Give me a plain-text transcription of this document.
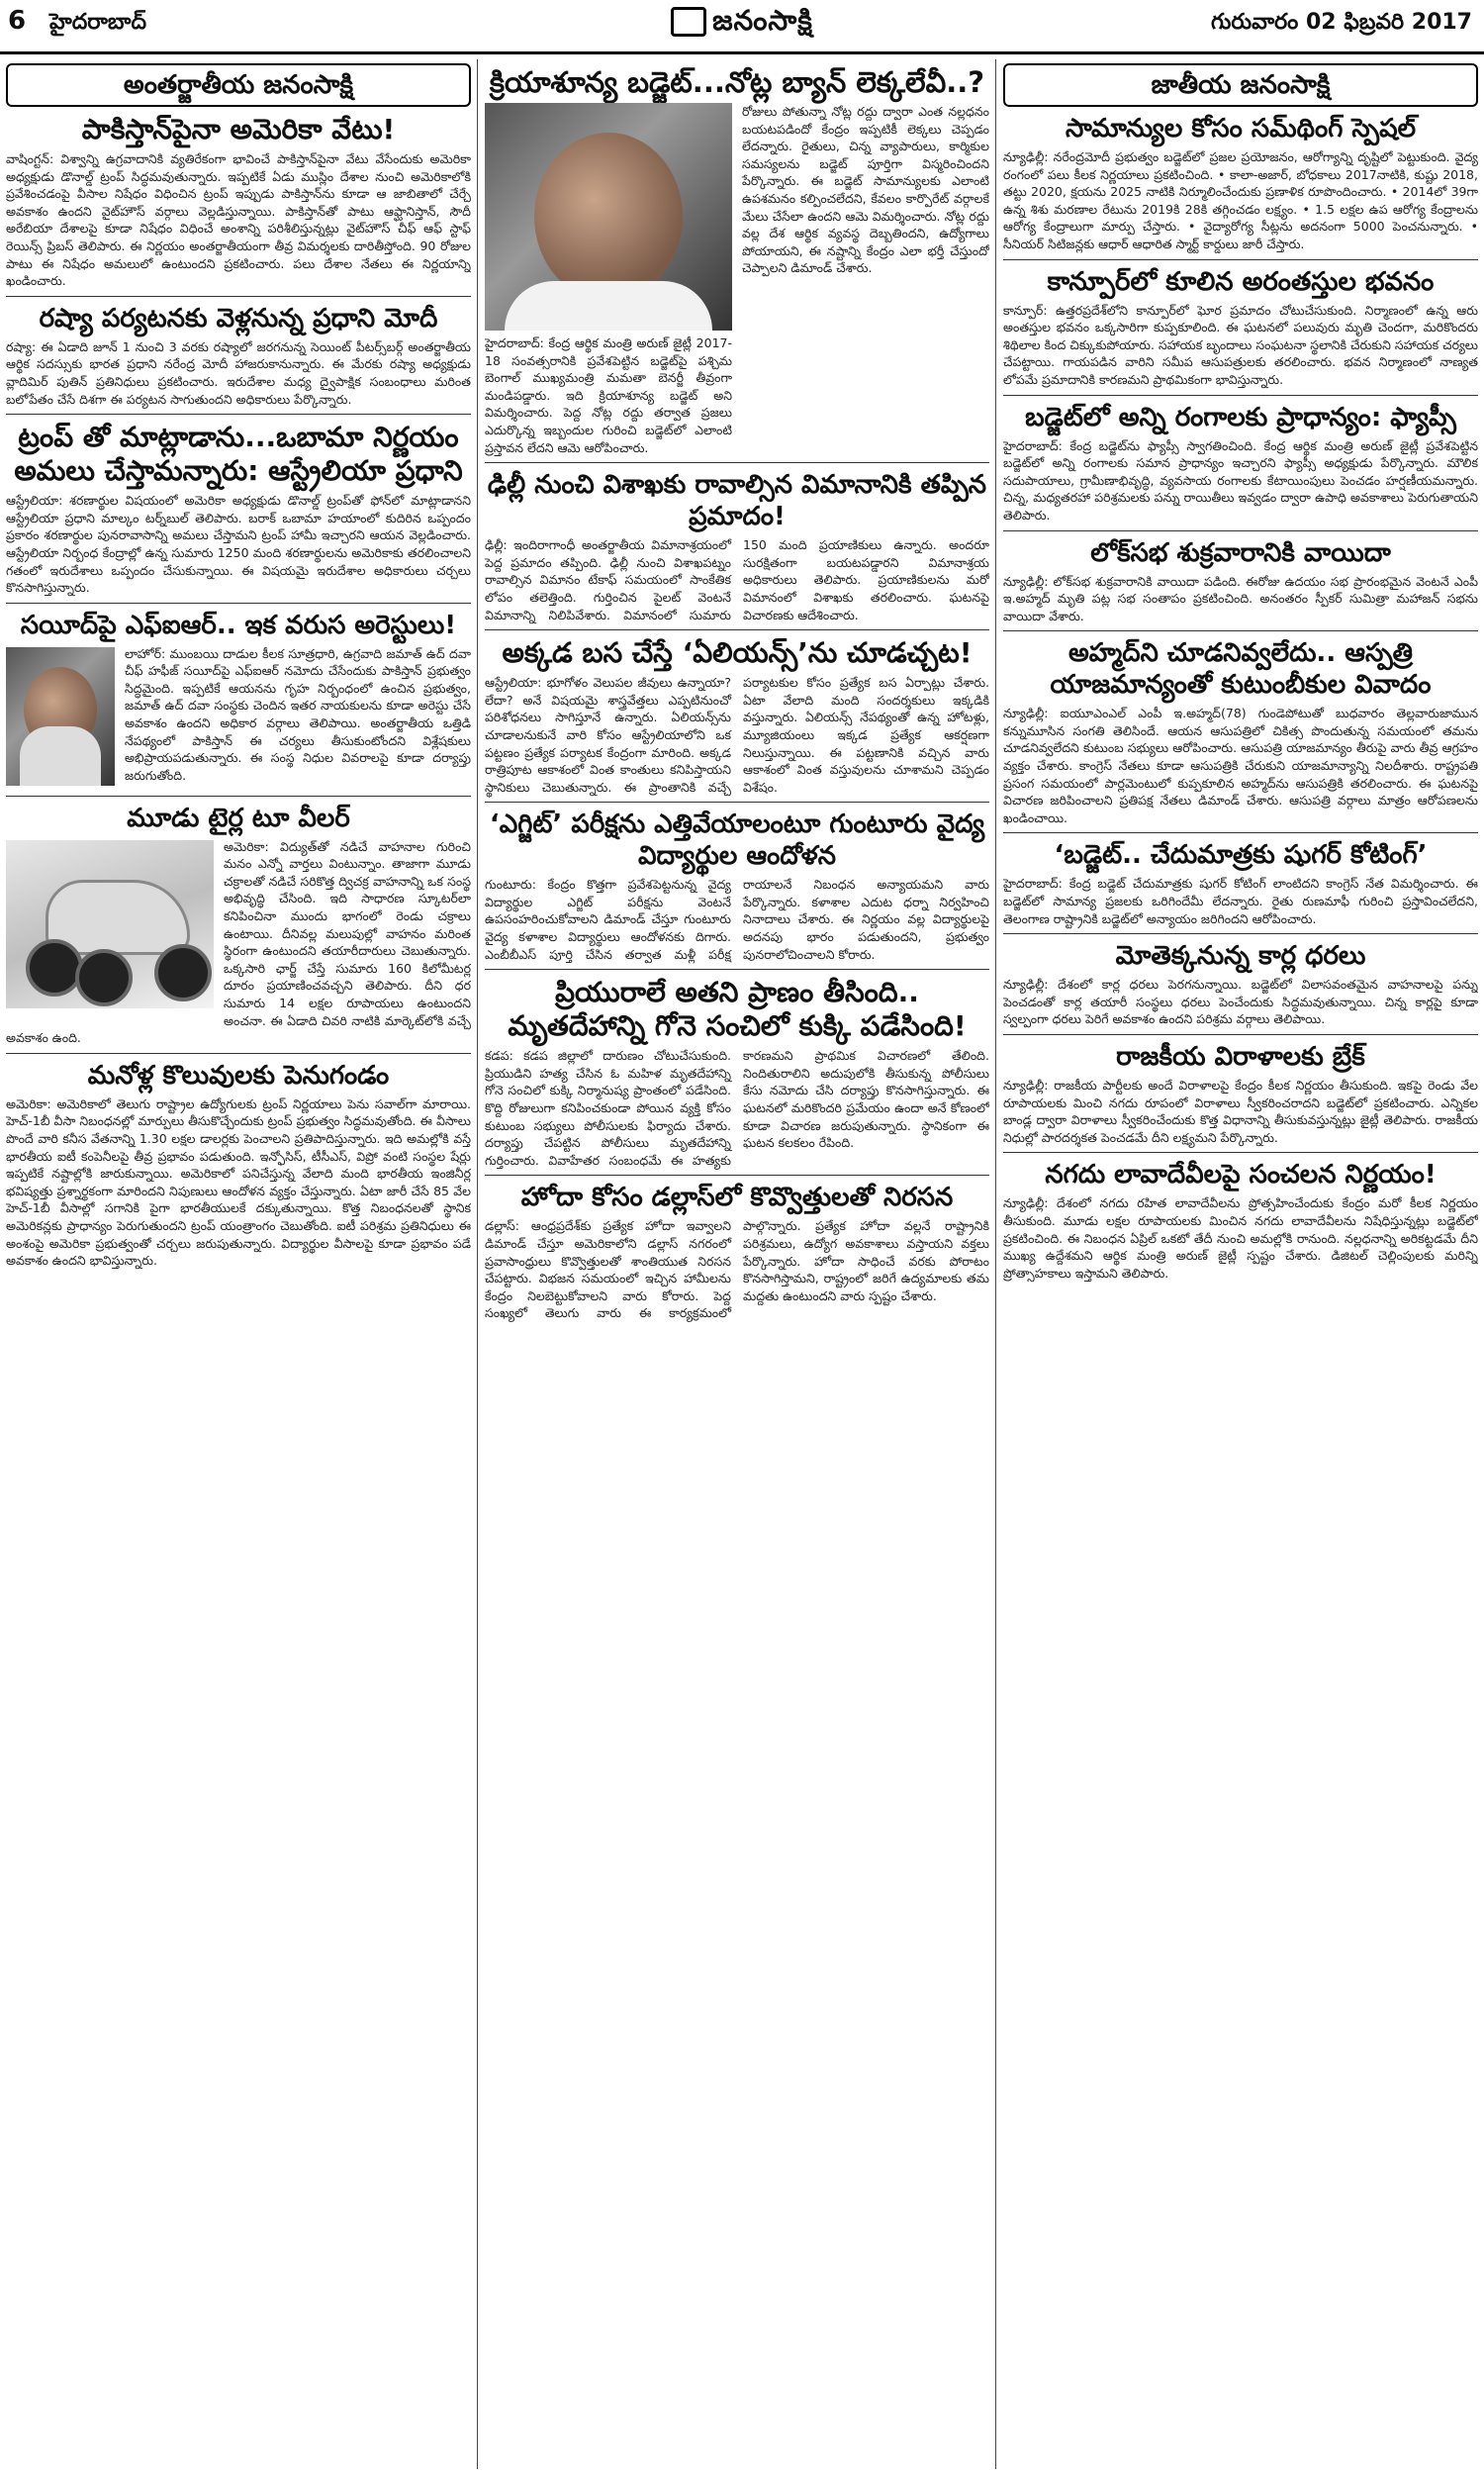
6 హైదరాబాద్	జనంసాక్షి	గురువారం 02 ఫిబ్రవరి 2017
అంతర్జాతీయ జనంసాక్షి
పాకిస్తాన్‌పైనా అమెరికా వేటు!
వాషింగ్టన్‌: విశ్వాన్ని ఉగ్రవాదానికి వ్యతిరేకంగా భావించే పాకిస్తాన్‌పైనా వేటు వేసేందుకు అమెరికా అధ్యక్షుడు డొనాల్డ్‌ ట్రంప్‌ సిద్ధమవుతున్నారు. ఇప్పటికే ఏడు ముస్లిం దేశాల నుంచి అమెరికాలోకి ప్రవేశించడంపై వీసాల నిషేధం విధించిన ట్రంప్‌ ఇప్పుడు పాకిస్తాన్‌ను కూడా ఆ జాబితాలో చేర్చే అవకాశం ఉందని వైట్‌హౌస్‌ వర్గాలు వెల్లడిస్తున్నాయి. పాకిస్తాన్‌తో పాటు ఆఫ్ఘానిస్తాన్‌, సౌదీ అరేబియా దేశాలపై కూడా నిషేధం విధించే అంశాన్ని పరిశీలిస్తున్నట్లు వైట్‌హౌస్‌ చీఫ్‌ ఆఫ్‌ స్టాఫ్‌ రెయిన్స్‌ ప్రిబస్‌ తెలిపారు. ఈ నిర్ణయం అంతర్జాతీయంగా తీవ్ర విమర్శలకు దారితీస్తోంది. 90 రోజుల పాటు ఈ నిషేధం అమలులో ఉంటుందని ప్రకటించారు. పలు దేశాల నేతలు ఈ నిర్ణయాన్ని ఖండించారు.
రష్యా పర్యటనకు వెళ్లనున్న ప్రధాని మోదీ
రష్యా: ఈ ఏడాది జూన్‌ 1 నుంచి 3 వరకు రష్యాలో జరగనున్న సెయింట్‌ పీటర్స్‌బర్గ్‌ అంతర్జాతీయ ఆర్థిక సదస్సుకు భారత ప్రధాని నరేంద్ర మోదీ హాజరుకానున్నారు. ఈ మేరకు రష్యా అధ్యక్షుడు వ్లాదిమిర్‌ పుతిన్‌ ప్రతినిధులు ప్రకటించారు. ఇరుదేశాల మధ్య ద్వైపాక్షిక సంబంధాలు మరింత బలోపేతం చేసే దిశగా ఈ పర్యటన సాగుతుందని అధికారులు పేర్కొన్నారు.
ట్రంప్‌ తో మాట్లాడాను...ఒబామా నిర్ణయం అమలు చేస్తామన్నారు: ఆస్ట్రేలియా ప్రధాని
ఆస్ట్రేలియా: శరణార్థుల విషయంలో అమెరికా అధ్యక్షుడు డొనాల్డ్‌ ట్రంప్‌తో ఫోన్‌లో మాట్లాడానని ఆస్ట్రేలియా ప్రధాని మాల్కం టర్న్‌బుల్‌ తెలిపారు. బరాక్‌ ఒబామా హయాంలో కుదిరిన ఒప్పందం ప్రకారం శరణార్థుల పునరావాసాన్ని అమలు చేస్తామని ట్రంప్‌ హామీ ఇచ్చారని ఆయన వెల్లడించారు. ఆస్ట్రేలియా నిర్బంధ కేంద్రాల్లో ఉన్న సుమారు 1250 మంది శరణార్థులను అమెరికాకు తరలించాలని గతంలో ఇరుదేశాలు ఒప్పందం చేసుకున్నాయి. ఈ విషయమై ఇరుదేశాల అధికారులు చర్చలు కొనసాగిస్తున్నారు.
సయీద్‌పై ఎఫ్‌ఐఆర్‌.. ఇక వరుస అరెస్టులు!
లాహోర్‌: ముంబయి దాడుల కీలక సూత్రధారి, ఉగ్రవాది జమాత్‌ ఉద్‌ దవా చీఫ్‌ హఫీజ్‌ సయీద్‌పై ఎఫ్‌ఐఆర్‌ నమోదు చేసేందుకు పాకిస్తాన్‌ ప్రభుత్వం సిద్ధమైంది. ఇప్పటికే ఆయనను గృహ నిర్బంధంలో ఉంచిన ప్రభుత్వం, జమాత్‌ ఉద్‌ దవా సంస్థకు చెందిన ఇతర నాయకులను కూడా అరెస్టు చేసే అవకాశం ఉందని అధికార వర్గాలు తెలిపాయి. అంతర్జాతీయ ఒత్తిడి నేపథ్యంలో పాకిస్తాన్‌ ఈ చర్యలు తీసుకుంటోందని విశ్లేషకులు అభిప్రాయపడుతున్నారు. ఈ సంస్థ నిధుల వివరాలపై కూడా దర్యాప్తు జరుగుతోంది.
మూడు టైర్ల టూ వీలర్‌
అమెరికా: విద్యుత్‌తో నడిచే వాహనాల గురించి మనం ఎన్నో వార్తలు వింటున్నాం. తాజాగా మూడు చక్రాలతో నడిచే సరికొత్త ద్విచక్ర వాహనాన్ని ఒక సంస్థ అభివృద్ధి చేసింది. ఇది సాధారణ స్కూటర్‌లా కనిపించినా ముందు భాగంలో రెండు చక్రాలు ఉంటాయి. దీనివల్ల మలుపుల్లో వాహనం మరింత స్థిరంగా ఉంటుందని తయారీదారులు చెబుతున్నారు. ఒక్కసారి ఛార్జ్‌ చేస్తే సుమారు 160 కిలోమీటర్ల దూరం ప్రయాణించవచ్చని తెలిపారు. దీని ధర సుమారు 14 లక్షల రూపాయలు ఉంటుందని అంచనా. ఈ ఏడాది చివరి నాటికి మార్కెట్‌లోకి వచ్చే అవకాశం ఉంది.
మనోళ్ల కొలువులకు పెనుగండం
అమెరికా: అమెరికాలో తెలుగు రాష్ట్రాల ఉద్యోగులకు ట్రంప్‌ నిర్ణయాలు పెను సవాల్‌గా మారాయి. హెచ్‌-1బీ వీసా నిబంధనల్లో మార్పులు తీసుకొచ్చేందుకు ట్రంప్‌ ప్రభుత్వం సిద్ధమవుతోంది. ఈ వీసాలు పొందే వారి కనీస వేతనాన్ని 1.30 లక్షల డాలర్లకు పెంచాలని ప్రతిపాదిస్తున్నారు. ఇది అమల్లోకి వస్తే భారతీయ ఐటీ కంపెనీలపై తీవ్ర ప్రభావం పడుతుంది. ఇన్ఫోసిస్‌, టీసీఎస్‌, విప్రో వంటి సంస్థల షేర్లు ఇప్పటికే నష్టాల్లోకి జారుకున్నాయి. అమెరికాలో పనిచేస్తున్న వేలాది మంది భారతీయ ఇంజినీర్ల భవిష్యత్తు ప్రశ్నార్థకంగా మారిందని నిపుణులు ఆందోళన వ్యక్తం చేస్తున్నారు. ఏటా జారీ చేసే 85 వేల హెచ్‌-1బీ వీసాల్లో సగానికి పైగా భారతీయులకే దక్కుతున్నాయి. కొత్త నిబంధనలతో స్థానిక అమెరికన్లకు ప్రాధాన్యం పెరుగుతుందని ట్రంప్‌ యంత్రాంగం చెబుతోంది. ఐటీ పరిశ్రమ ప్రతినిధులు ఈ అంశంపై అమెరికా ప్రభుత్వంతో చర్చలు జరుపుతున్నారు. విద్యార్థుల వీసాలపై కూడా ప్రభావం పడే అవకాశం ఉందని భావిస్తున్నారు.
క్రియాశూన్య బడ్జెట్‌...నోట్ల బ్యాన్‌ లెక్కలేవీ..?
హైదరాబాద్‌: కేంద్ర ఆర్థిక మంత్రి అరుణ్‌ జైట్లీ 2017-18 సంవత్సరానికి ప్రవేశపెట్టిన బడ్జెట్‌పై పశ్చిమ బెంగాల్‌ ముఖ్యమంత్రి మమతా బెనర్జీ తీవ్రంగా మండిపడ్డారు. ఇది క్రియాశూన్య బడ్జెట్‌ అని విమర్శించారు. పెద్ద నోట్ల రద్దు తర్వాత ప్రజలు ఎదుర్కొన్న ఇబ్బందుల గురించి బడ్జెట్‌లో ఎలాంటి ప్రస్తావన లేదని ఆమె ఆరోపించారు.
రోజులు పోతున్నా నోట్ల రద్దు ద్వారా ఎంత నల్లధనం బయటపడిందో కేంద్రం ఇప్పటికీ లెక్కలు చెప్పడం లేదన్నారు. రైతులు, చిన్న వ్యాపారులు, కార్మికుల సమస్యలను బడ్జెట్‌ పూర్తిగా విస్మరించిందని పేర్కొన్నారు. ఈ బడ్జెట్‌ సామాన్యులకు ఎలాంటి ఉపశమనం కల్పించలేదని, కేవలం కార్పొరేట్‌ వర్గాలకే మేలు చేసేలా ఉందని ఆమె విమర్శించారు. నోట్ల రద్దు వల్ల దేశ ఆర్థిక వ్యవస్థ దెబ్బతిందని, ఉద్యోగాలు పోయాయని, ఈ నష్టాన్ని కేంద్రం ఎలా భర్తీ చేస్తుందో చెప్పాలని డిమాండ్‌ చేశారు.
ఢిల్లీ నుంచి విశాఖకు రావాల్సిన విమానానికి తప్పిన ప్రమాదం!
ఢిల్లీ: ఇందిరాగాంధీ అంతర్జాతీయ విమానాశ్రయంలో పెద్ద ప్రమాదం తప్పింది. ఢిల్లీ నుంచి విశాఖపట్నం రావాల్సిన విమానం టేకాఫ్‌ సమయంలో సాంకేతిక లోపం తలెత్తింది. గుర్తించిన పైలట్‌ వెంటనే విమానాన్ని నిలిపివేశారు. విమానంలో సుమారు 150 మంది ప్రయాణికులు ఉన్నారు. అందరూ సురక్షితంగా బయటపడ్డారని విమానాశ్రయ అధికారులు తెలిపారు. ప్రయాణికులను మరో విమానంలో విశాఖకు తరలించారు. ఘటనపై విచారణకు ఆదేశించారు.
అక్కడ బస చేస్తే ‘ఏలియన్స్‌’ను చూడచ్చట!
ఆస్ట్రేలియా: భూగోళం వెలుపల జీవులు ఉన్నాయా? లేదా? అనే విషయమై శాస్త్రవేత్తలు ఎప్పటినుంచో పరిశోధనలు సాగిస్తూనే ఉన్నారు. ఏలియన్స్‌ను చూడాలనుకునే వారి కోసం ఆస్ట్రేలియాలోని ఒక పట్టణం ప్రత్యేక పర్యాటక కేంద్రంగా మారింది. అక్కడ రాత్రిపూట ఆకాశంలో వింత కాంతులు కనిపిస్తాయని స్థానికులు చెబుతున్నారు. ఈ ప్రాంతానికి వచ్చే పర్యాటకుల కోసం ప్రత్యేక బస ఏర్పాట్లు చేశారు. ఏటా వేలాది మంది సందర్శకులు ఇక్కడికి వస్తున్నారు. ఏలియన్స్‌ నేపథ్యంతో ఉన్న హోటళ్లు, మ్యూజియంలు ఇక్కడ ప్రత్యేక ఆకర్షణగా నిలుస్తున్నాయి. ఈ పట్టణానికి వచ్చిన వారు ఆకాశంలో వింత వస్తువులను చూశామని చెప్పడం విశేషం.
‘ఎగ్జిట్‌’ పరీక్షను ఎత్తివేయాలంటూ గుంటూరు వైద్య విద్యార్థుల ఆందోళన
గుంటూరు: కేంద్రం కొత్తగా ప్రవేశపెట్టనున్న వైద్య విద్యార్థుల ఎగ్జిట్‌ పరీక్షను వెంటనే ఉపసంహరించుకోవాలని డిమాండ్‌ చేస్తూ గుంటూరు వైద్య కళాశాల విద్యార్థులు ఆందోళనకు దిగారు. ఎంబీబీఎస్‌ పూర్తి చేసిన తర్వాత మళ్లీ పరీక్ష రాయాలనే నిబంధన అన్యాయమని వారు పేర్కొన్నారు. కళాశాల ఎదుట ధర్నా నిర్వహించి నినాదాలు చేశారు. ఈ నిర్ణయం వల్ల విద్యార్థులపై అదనపు భారం పడుతుందని, ప్రభుత్వం పునరాలోచించాలని కోరారు.
ప్రియురాలే అతని ప్రాణం తీసింది.. మృతదేహాన్ని గోనె సంచిలో కుక్కి పడేసింది!
కడప: కడప జిల్లాలో దారుణం చోటుచేసుకుంది. ప్రియుడిని హత్య చేసిన ఓ మహిళ మృతదేహాన్ని గోనె సంచిలో కుక్కి నిర్మానుష్య ప్రాంతంలో పడేసింది. కొద్ది రోజులుగా కనిపించకుండా పోయిన వ్యక్తి కోసం కుటుంబ సభ్యులు పోలీసులకు ఫిర్యాదు చేశారు. దర్యాప్తు చేపట్టిన పోలీసులు మృతదేహాన్ని గుర్తించారు. వివాహేతర సంబంధమే ఈ హత్యకు కారణమని ప్రాథమిక విచారణలో తేలింది. నిందితురాలిని అదుపులోకి తీసుకున్న పోలీసులు కేసు నమోదు చేసి దర్యాప్తు కొనసాగిస్తున్నారు. ఈ ఘటనలో మరికొందరి ప్రమేయం ఉందా అనే కోణంలో కూడా విచారణ జరుపుతున్నారు. స్థానికంగా ఈ ఘటన కలకలం రేపింది.
హోదా కోసం డల్లాస్‌లో కొవ్వొత్తులతో నిరసన
డల్లాస్‌: ఆంధ్రప్రదేశ్‌కు ప్రత్యేక హోదా ఇవ్వాలని డిమాండ్‌ చేస్తూ అమెరికాలోని డల్లాస్‌ నగరంలో ప్రవాసాంధ్రులు కొవ్వొత్తులతో శాంతియుత నిరసన చేపట్టారు. విభజన సమయంలో ఇచ్చిన హామీలను కేంద్రం నిలబెట్టుకోవాలని వారు కోరారు. పెద్ద సంఖ్యలో తెలుగు వారు ఈ కార్యక్రమంలో పాల్గొన్నారు. ప్రత్యేక హోదా వల్లనే రాష్ట్రానికి పరిశ్రమలు, ఉద్యోగ అవకాశాలు వస్తాయని వక్తలు పేర్కొన్నారు. హోదా సాధించే వరకు పోరాటం కొనసాగిస్తామని, రాష్ట్రంలో జరిగే ఉద్యమాలకు తమ మద్దతు ఉంటుందని వారు స్పష్టం చేశారు.
జాతీయ జనంసాక్షి
సామాన్యుల కోసం సమ్‌థింగ్‌ స్పెషల్‌
న్యూఢిల్లీ: నరేంద్రమోదీ ప్రభుత్వం బడ్జెట్‌లో ప్రజల ప్రయోజనం, ఆరోగ్యాన్ని దృష్టిలో పెట్టుకుంది. వైద్య రంగంలో పలు కీలక నిర్ణయాలు ప్రకటించింది. • కాలా-అజార్‌, బోధకాలు 2017నాటికి, కుష్టు 2018, తట్టు 2020, క్షయను 2025 నాటికి నిర్మూలించేందుకు ప్రణాళిక రూపొందించారు. • 2014లో 39గా ఉన్న శిశు మరణాల రేటును 2019కి 28కి తగ్గించడం లక్ష్యం. • 1.5 లక్షల ఉప ఆరోగ్య కేంద్రాలను ఆరోగ్య కేంద్రాలుగా మార్పు చేస్తారు. • వైద్యారోగ్య సీట్లను అదనంగా 5000 పెంచనున్నారు. • సీనియర్‌ సిటిజన్లకు ఆధార్‌ ఆధారిత స్మార్ట్‌ కార్డులు జారీ చేస్తారు.
కాన్పూర్‌లో కూలిన అరంతస్తుల భవనం
కాన్పూర్‌: ఉత్తరప్రదేశ్‌లోని కాన్పూర్‌లో ఘోర ప్రమాదం చోటుచేసుకుంది. నిర్మాణంలో ఉన్న ఆరు అంతస్తుల భవనం ఒక్కసారిగా కుప్పకూలింది. ఈ ఘటనలో పలువురు మృతి చెందగా, మరికొందరు శిథిలాల కింద చిక్కుకుపోయారు. సహాయక బృందాలు సంఘటనా స్థలానికి చేరుకుని సహాయక చర్యలు చేపట్టాయి. గాయపడిన వారిని సమీప ఆసుపత్రులకు తరలించారు. భవన నిర్మాణంలో నాణ్యత లోపమే ప్రమాదానికి కారణమని ప్రాథమికంగా భావిస్తున్నారు.
బడ్జెట్‌లో అన్ని రంగాలకు ప్రాధాన్యం: ఫ్యాప్సీ
హైదరాబాద్‌: కేంద్ర బడ్జెట్‌ను ఫ్యాప్సీ స్వాగతించింది. కేంద్ర ఆర్థిక మంత్రి అరుణ్‌ జైట్లీ ప్రవేశపెట్టిన బడ్జెట్‌లో అన్ని రంగాలకు సమాన ప్రాధాన్యం ఇచ్చారని ఫ్యాప్సీ అధ్యక్షుడు పేర్కొన్నారు. మౌలిక సదుపాయాలు, గ్రామీణాభివృద్ధి, వ్యవసాయ రంగాలకు కేటాయింపులు పెంచడం హర్షణీయమన్నారు. చిన్న, మధ్యతరహా పరిశ్రమలకు పన్ను రాయితీలు ఇవ్వడం ద్వారా ఉపాధి అవకాశాలు పెరుగుతాయని తెలిపారు.
లోక్‌సభ శుక్రవారానికి వాయిదా
న్యూఢిల్లీ: లోక్‌సభ శుక్రవారానికి వాయిదా పడింది. ఈరోజు ఉదయం సభ ప్రారంభమైన వెంటనే ఎంపీ ఇ.అహ్మద్‌ మృతి పట్ల సభ సంతాపం ప్రకటించింది. అనంతరం స్పీకర్‌ సుమిత్రా మహాజన్‌ సభను వాయిదా వేశారు.
అహ్మద్‌ని చూడనివ్వలేదు.. ఆస్పత్రి యాజమాన్యంతో కుటుంబీకుల వివాదం
న్యూఢిల్లీ: ఐయూఎంఎల్‌ ఎంపీ ఇ.అహ్మద్‌(78) గుండెపోటుతో బుధవారం తెల్లవారుజామున కన్నుమూసిన సంగతి తెలిసిందే. ఆయన ఆసుపత్రిలో చికిత్స పొందుతున్న సమయంలో తమను చూడనివ్వలేదని కుటుంబ సభ్యులు ఆరోపించారు. ఆసుపత్రి యాజమాన్యం తీరుపై వారు తీవ్ర ఆగ్రహం వ్యక్తం చేశారు. కాంగ్రెస్‌ నేతలు కూడా ఆసుపత్రికి చేరుకుని యాజమాన్యాన్ని నిలదీశారు. రాష్ట్రపతి ప్రసంగ సమయంలో పార్లమెంటులో కుప్పకూలిన అహ్మద్‌ను ఆసుపత్రికి తరలించారు. ఈ ఘటనపై విచారణ జరిపించాలని ప్రతిపక్ష నేతలు డిమాండ్‌ చేశారు. ఆసుపత్రి వర్గాలు మాత్రం ఆరోపణలను ఖండించాయి.
‘బడ్జెట్‌.. చేదుమాత్రకు షుగర్‌ కోటింగ్‌’
హైదరాబాద్‌: కేంద్ర బడ్జెట్‌ చేదుమాత్రకు షుగర్‌ కోటింగ్‌ లాంటిదని కాంగ్రెస్‌ నేత విమర్శించారు. ఈ బడ్జెట్‌లో సామాన్య ప్రజలకు ఒరిగిందేమీ లేదన్నారు. రైతు రుణమాఫీ గురించి ప్రస్తావించలేదని, తెలంగాణ రాష్ట్రానికి బడ్జెట్‌లో అన్యాయం జరిగిందని ఆరోపించారు.
మోతెక్కనున్న కార్ల ధరలు
న్యూఢిల్లీ: దేశంలో కార్ల ధరలు పెరగనున్నాయి. బడ్జెట్‌లో విలాసవంతమైన వాహనాలపై పన్ను పెంచడంతో కార్ల తయారీ సంస్థలు ధరలు పెంచేందుకు సిద్ధమవుతున్నాయి. చిన్న కార్లపై కూడా స్వల్పంగా ధరలు పెరిగే అవకాశం ఉందని పరిశ్రమ వర్గాలు తెలిపాయి.
రాజకీయ విరాళాలకు బ్రేక్‌
న్యూఢిల్లీ: రాజకీయ పార్టీలకు అందే విరాళాలపై కేంద్రం కీలక నిర్ణయం తీసుకుంది. ఇకపై రెండు వేల రూపాయలకు మించి నగదు రూపంలో విరాళాలు స్వీకరించరాదని బడ్జెట్‌లో ప్రకటించారు. ఎన్నికల బాండ్ల ద్వారా విరాళాలు స్వీకరించేందుకు కొత్త విధానాన్ని తీసుకువస్తున్నట్లు జైట్లీ తెలిపారు. రాజకీయ నిధుల్లో పారదర్శకత పెంచడమే దీని లక్ష్యమని పేర్కొన్నారు.
నగదు లావాదేవీలపై సంచలన నిర్ణయం!
న్యూఢిల్లీ: దేశంలో నగదు రహిత లావాదేవీలను ప్రోత్సహించేందుకు కేంద్రం మరో కీలక నిర్ణయం తీసుకుంది. మూడు లక్షల రూపాయలకు మించిన నగదు లావాదేవీలను నిషేధిస్తున్నట్లు బడ్జెట్‌లో ప్రకటించింది. ఈ నిబంధన ఏప్రిల్‌ ఒకటో తేదీ నుంచి అమల్లోకి రానుంది. నల్లధనాన్ని అరికట్టడమే దీని ముఖ్య ఉద్దేశమని ఆర్థిక మంత్రి అరుణ్‌ జైట్లీ స్పష్టం చేశారు. డిజిటల్‌ చెల్లింపులకు మరిన్ని ప్రోత్సాహకాలు ఇస్తామని తెలిపారు.
